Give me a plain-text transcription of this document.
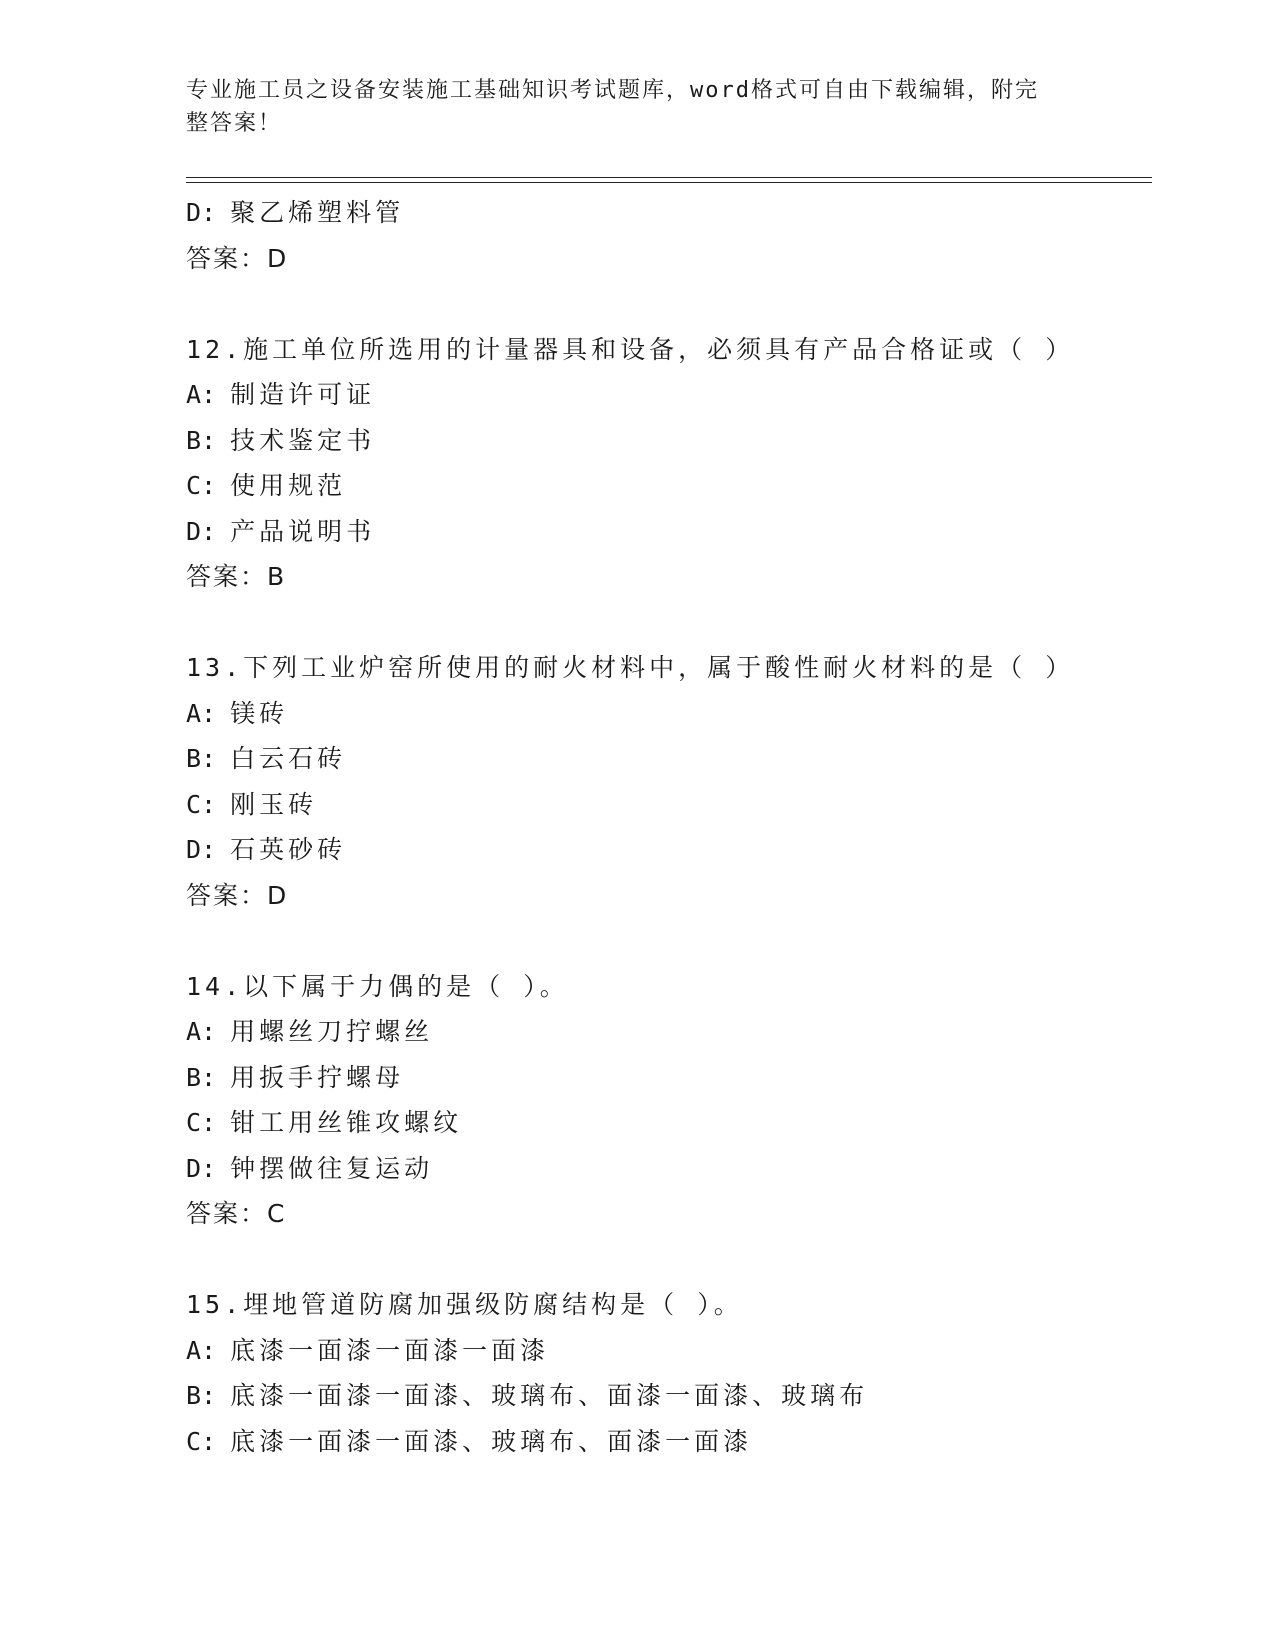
专业施工员之设备安装施工基础知识考试题库，word格式可自由下载编辑，附完
整答案！
D: 聚乙烯塑料管
答案：D
12.施工单位所选用的计量器具和设备，必须具有产品合格证或（ ）
A: 制造许可证
B: 技术鉴定书
C: 使用规范
D: 产品说明书
答案：B
13.下列工业炉窑所使用的耐火材料中，属于酸性耐火材料的是（ ）
A: 镁砖
B: 白云石砖
C: 刚玉砖
D: 石英砂砖
答案：D
14.以下属于力偶的是（ ）。
A: 用螺丝刀拧螺丝
B: 用扳手拧螺母
C: 钳工用丝锥攻螺纹
D: 钟摆做往复运动
答案：C
15.埋地管道防腐加强级防腐结构是（ ）。
A: 底漆一面漆一面漆一面漆
B: 底漆一面漆一面漆、玻璃布、面漆一面漆、玻璃布
C: 底漆一面漆一面漆、玻璃布、面漆一面漆
